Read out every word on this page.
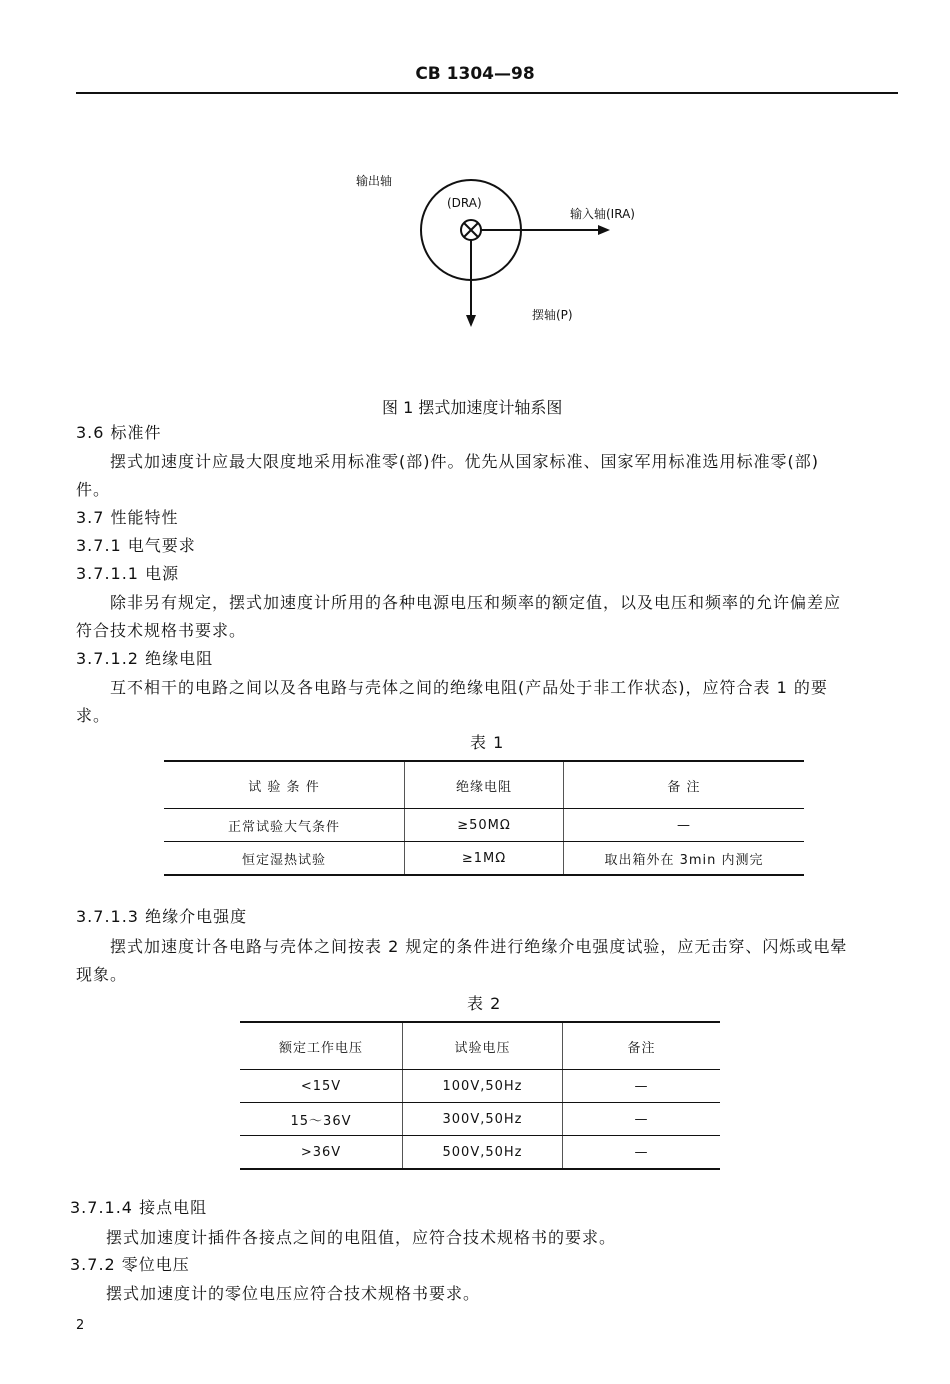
CB 1304—98
输出轴
(DRA)
输入轴(IRA)
摆轴(P)
图 1 摆式加速度计轴系图
3.6 标准件
摆式加速度计应最大限度地采用标准零(部)件。优先从国家标准、国家军用标准选用标准零(部)
件。
3.7 性能特性
3.7.1 电气要求
3.7.1.1 电源
除非另有规定，摆式加速度计所用的各种电源电压和频率的额定值，以及电压和频率的允许偏差应
符合技术规格书要求。
3.7.1.2 绝缘电阻
互不相干的电路之间以及各电路与壳体之间的绝缘电阻(产品处于非工作状态)，应符合表 1 的要
求。
表 1
试 验 条 件	绝缘电阻	备 注
正常试验大气条件	≥50MΩ	—
恒定湿热试验	≥1MΩ	取出箱外在 3min 内测完
3.7.1.3 绝缘介电强度
摆式加速度计各电路与壳体之间按表 2 规定的条件进行绝缘介电强度试验，应无击穿、闪烁或电晕
现象。
表 2
额定工作电压	试验电压	备注
<15V	100V,50Hz	—
15～36V	300V,50Hz	—
>36V	500V,50Hz	—
3.7.1.4 接点电阻
摆式加速度计插件各接点之间的电阻值，应符合技术规格书的要求。
3.7.2 零位电压
摆式加速度计的零位电压应符合技术规格书要求。
2
